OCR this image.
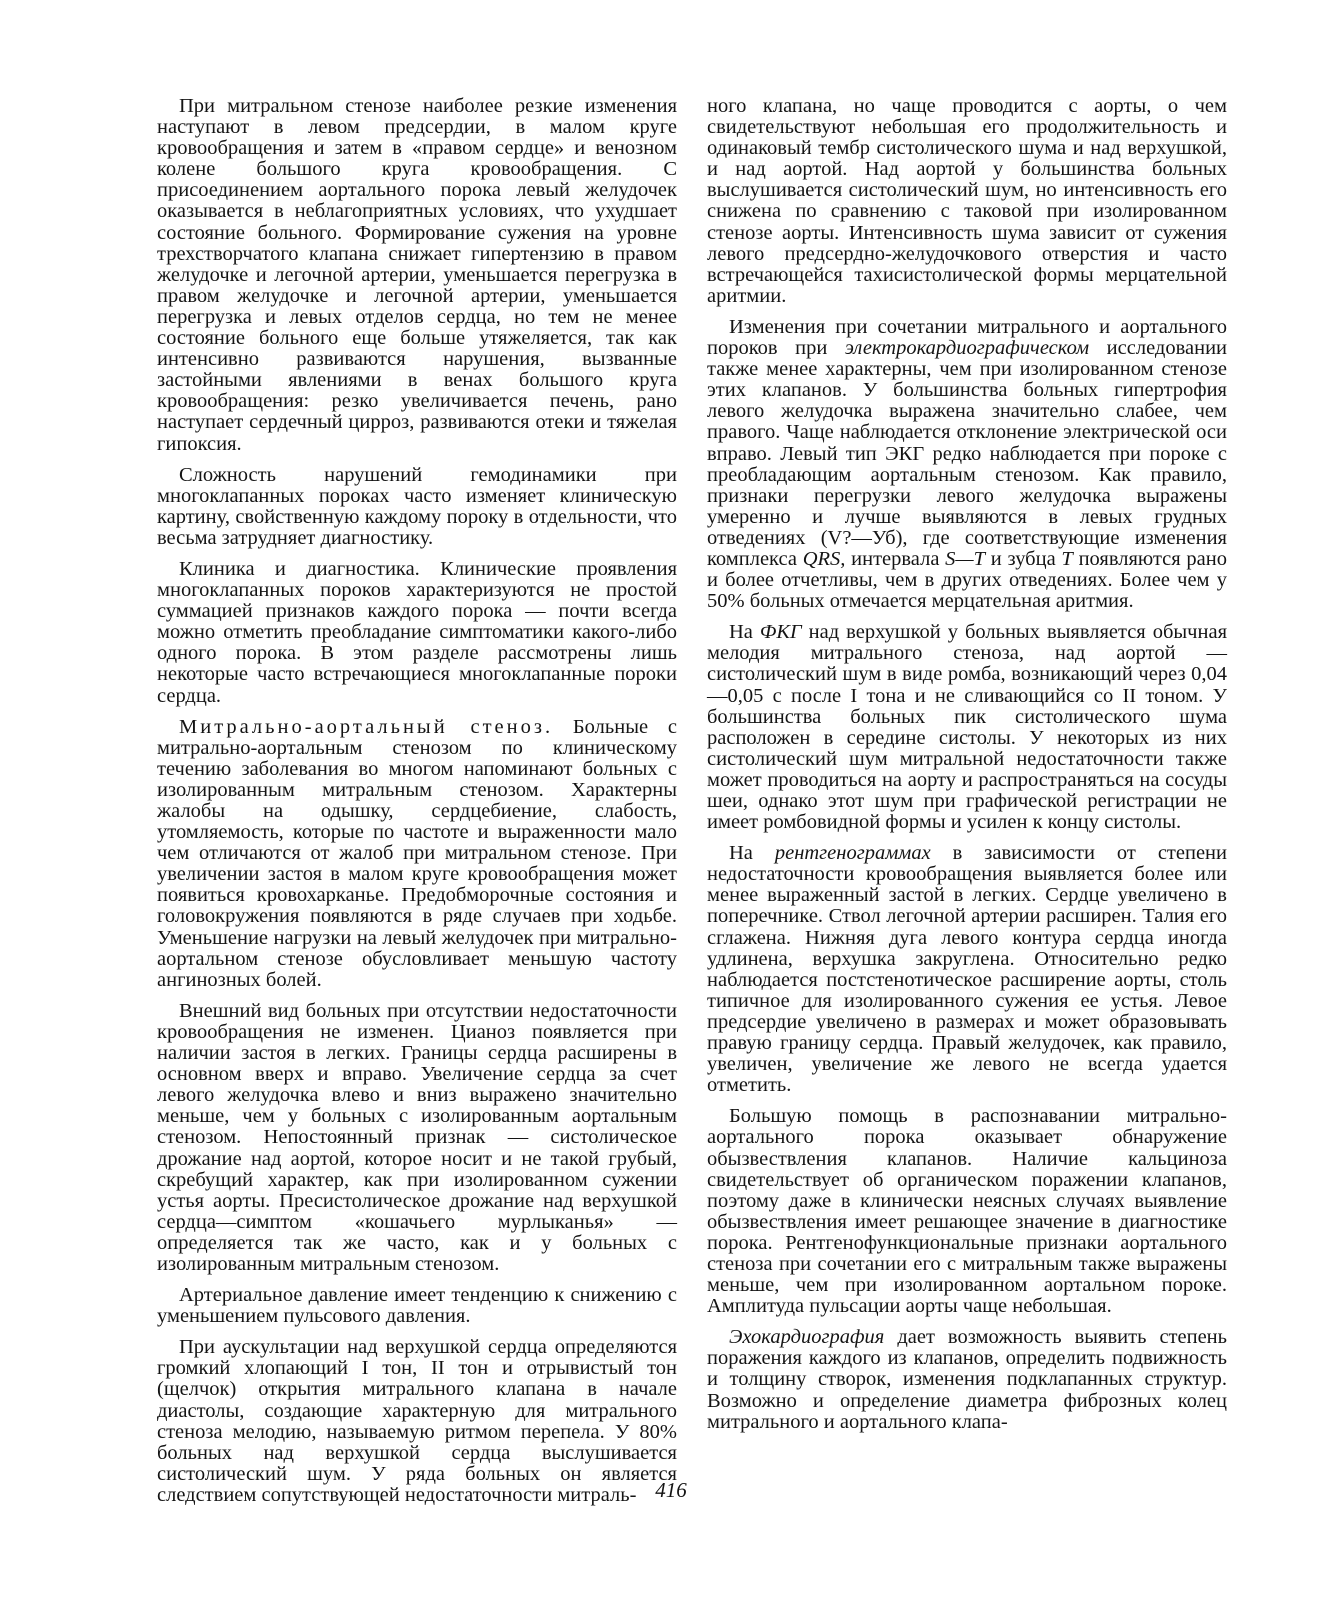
При митральном стенозе наиболее резкие изменения наступают в левом предсердии, в малом круге кровообращения и затем в «правом сердце» и венозном колене большого круга кровообращения. С присоединением аортального порока левый желудочек оказывается в неблагоприятных условиях, что ухудшает состояние больного. Формирование сужения на уровне трехстворчатого клапана снижает гипертензию в правом желудочке и легочной артерии, уменьшается перегрузка в правом желудочке и легочной артерии, уменьшается перегрузка и левых отделов сердца, но тем не менее состояние больного еще больше утяжеляется, так как интенсивно развиваются нарушения, вызванные застойными явлениями в венах большого круга кровообращения: резко увеличивается печень, рано наступает сердечный цирроз, развиваются отеки и тяжелая гипоксия.

Сложность нарушений гемодинамики при многоклапанных пороках часто изменяет клиническую картину, свойственную каждому пороку в отдельности, что весьма затрудняет диагностику.

Клиника и диагностика. Клинические проявления многоклапанных пороков характеризуются не простой суммацией признаков каждого порока — почти всегда можно отметить преобладание симптоматики какого-либо одного порока. В этом разделе рассмотрены лишь некоторые часто встречающиеся многоклапанные пороки сердца.

Митрально-аортальный стеноз. Больные с митрально-аортальным стенозом по клиническому течению заболевания во многом напоминают больных с изолированным митральным стенозом. Характерны жалобы на одышку, сердцебиение, слабость, утомляемость, которые по частоте и выраженности мало чем отличаются от жалоб при митральном стенозе. При увеличении застоя в малом круге кровообращения может появиться кровохарканье. Предобморочные состояния и головокружения появляются в ряде случаев при ходьбе. Уменьшение нагрузки на левый желудочек при митрально-аортальном стенозе обусловливает меньшую частоту ангинозных болей.

Внешний вид больных при отсутствии недостаточности кровообращения не изменен. Цианоз появляется при наличии застоя в легких. Границы сердца расширены в основном вверх и вправо. Увеличение сердца за счет левого желудочка влево и вниз выражено значительно меньше, чем у больных с изолированным аортальным стенозом. Непостоянный признак — систолическое дрожание над аортой, которое носит и не такой грубый, скребущий характер, как при изолированном сужении устья аорты. Пресистолическое дрожание над верхушкой сердца—симптом «кошачьего мурлыканья» — определяется так же часто, как и у больных с изолированным митральным стенозом.

Артериальное давление имеет тенденцию к снижению с уменьшением пульсового давления.

При аускультации над верхушкой сердца определяются громкий хлопающий I тон, II тон и отрывистый тон (щелчок) открытия митрального клапана в начале диастолы, создающие характерную для митрального стеноза мелодию, называемую ритмом перепела. У 80% больных над верхушкой сердца выслушивается систолический шум. У ряда больных он является следствием сопутствующей недостаточности митраль-

ного клапана, но чаще проводится с аорты, о чем свидетельствуют небольшая его продолжительность и одинаковый тембр систолического шума и над верхушкой, и над аортой. Над аортой у большинства больных выслушивается систолический шум, но интенсивность его снижена по сравнению с таковой при изолированном стенозе аорты. Интенсивность шума зависит от сужения левого предсердно-желудочкового отверстия и часто встречающейся тахисистолической формы мерцательной аритмии.

Изменения при сочетании митрального и аортального пороков при электрокардиографическом исследовании также менее характерны, чем при изолированном стенозе этих клапанов. У большинства больных гипертрофия левого желудочка выражена значительно слабее, чем правого. Чаще наблюдается отклонение электрической оси вправо. Левый тип ЭКГ редко наблюдается при пороке с преобладающим аортальным стенозом. Как правило, признаки перегрузки левого желудочка выражены умеренно и лучше выявляются в левых грудных отведениях (V?—Уб), где соответствующие изменения комплекса QRS, интервала S—T и зубца T появляются рано и более отчетливы, чем в других отведениях. Более чем у 50% больных отмечается мерцательная аритмия.

На ФКГ над верхушкой у больных выявляется обычная мелодия митрального стеноза, над аортой — систолический шум в виде ромба, возникающий через 0,04—0,05 с после I тона и не сливающийся со II тоном. У большинства больных пик систолического шума расположен в середине систолы. У некоторых из них систолический шум митральной недостаточности также может проводиться на аорту и распространяться на сосуды шеи, однако этот шум при графической регистрации не имеет ромбовидной формы и усилен к концу систолы.

На рентгенограммах в зависимости от степени недостаточности кровообращения выявляется более или менее выраженный застой в легких. Сердце увеличено в поперечнике. Ствол легочной артерии расширен. Талия его сглажена. Нижняя дуга левого контура сердца иногда удлинена, верхушка закруглена. Относительно редко наблюдается постстенотическое расширение аорты, столь типичное для изолированного сужения ее устья. Левое предсердие увеличено в размерах и может образовывать правую границу сердца. Правый желудочек, как правило, увеличен, увеличение же левого не всегда удается отметить.

Большую помощь в распознавании митрально-аортального порока оказывает обнаружение обызвествления клапанов. Наличие кальциноза свидетельствует об органическом поражении клапанов, поэтому даже в клинически неясных случаях выявление обызвествления имеет решающее значение в диагностике порока. Рентгенофункциональные признаки аортального стеноза при сочетании его с митральным также выражены меньше, чем при изолированном аортальном пороке. Амплитуда пульсации аорты чаще небольшая.

Эхокардиография дает возможность выявить степень поражения каждого из клапанов, определить подвижность и толщину створок, изменения подклапанных структур. Возможно и определение диаметра фиброзных колец митрального и аортального клапа-

416
